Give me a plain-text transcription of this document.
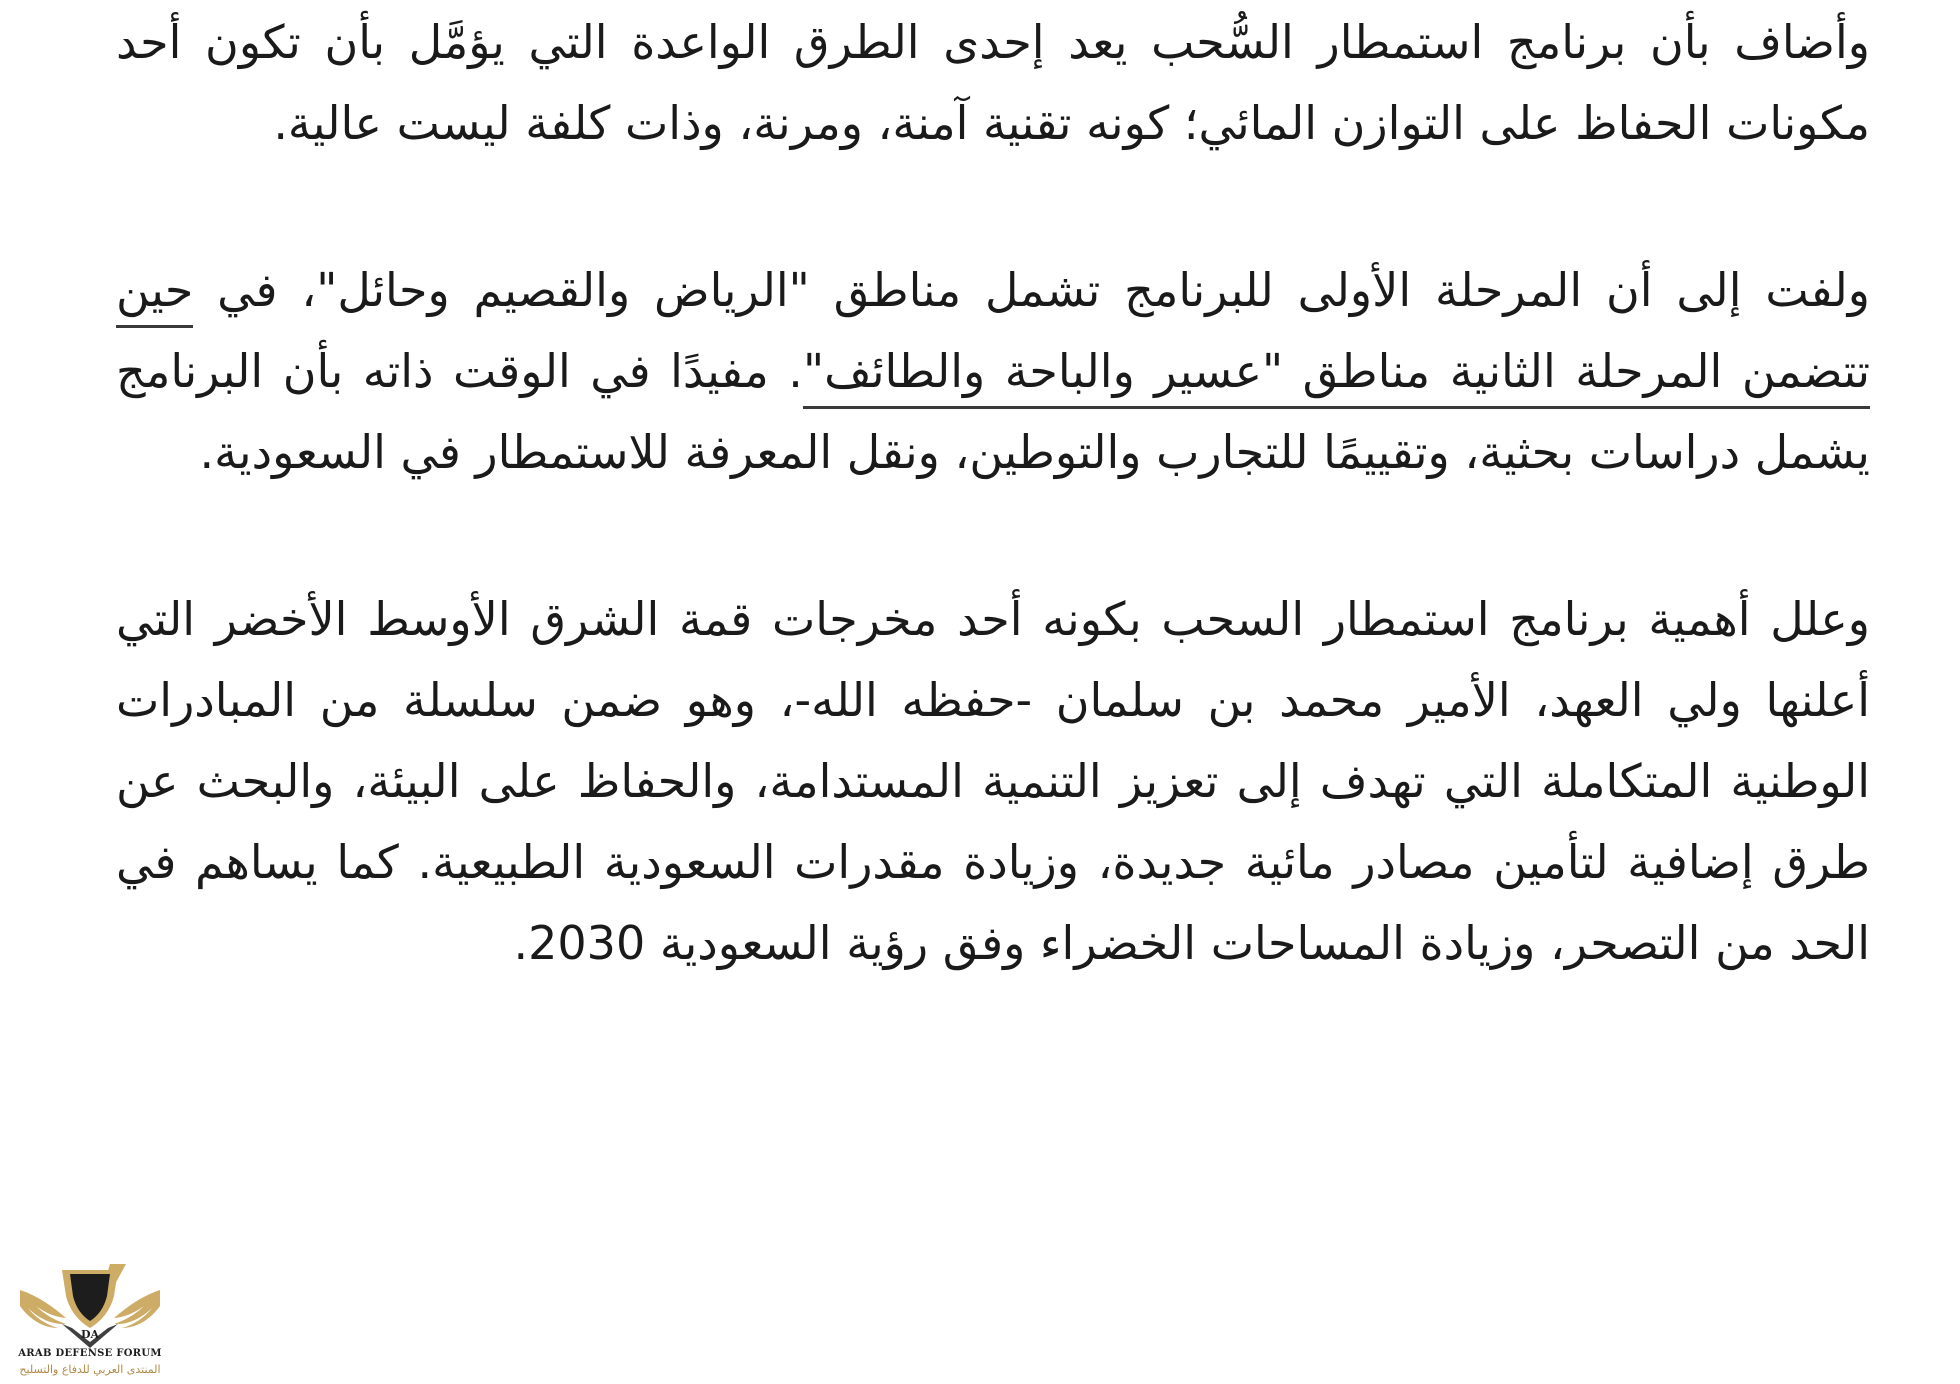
وأضاف بأن برنامج استمطار السُّحب يعد إحدى الطرق الواعدة التي يؤمَّل بأن تكون أحد مكونات الحفاظ على التوازن المائي؛ كونه تقنية آمنة، ومرنة، وذات كلفة ليست عالية.

ولفت إلى أن المرحلة الأولى للبرنامج تشمل مناطق "الرياض والقصيم وحائل"، في حين تتضمن المرحلة الثانية مناطق "عسير والباحة والطائف". مفيدًا في الوقت ذاته بأن البرنامج يشمل دراسات بحثية، وتقييمًا للتجارب والتوطين، ونقل المعرفة للاستمطار في السعودية.

وعلل أهمية برنامج استمطار السحب بكونه أحد مخرجات قمة الشرق الأوسط الأخضر التي أعلنها ولي العهد، الأمير محمد بن سلمان -حفظه الله-، وهو ضمن سلسلة من المبادرات الوطنية المتكاملة التي تهدف إلى تعزيز التنمية المستدامة، والحفاظ على البيئة، والبحث عن طرق إضافية لتأمين مصادر مائية جديدة، وزيادة مقدرات السعودية الطبيعية. كما يساهم في الحد من التصحر، وزيادة المساحات الخضراء وفق رؤية السعودية 2030.

DA
ARAB DEFENSE FORUM
المنتدى العربي للدفاع والتسليح
